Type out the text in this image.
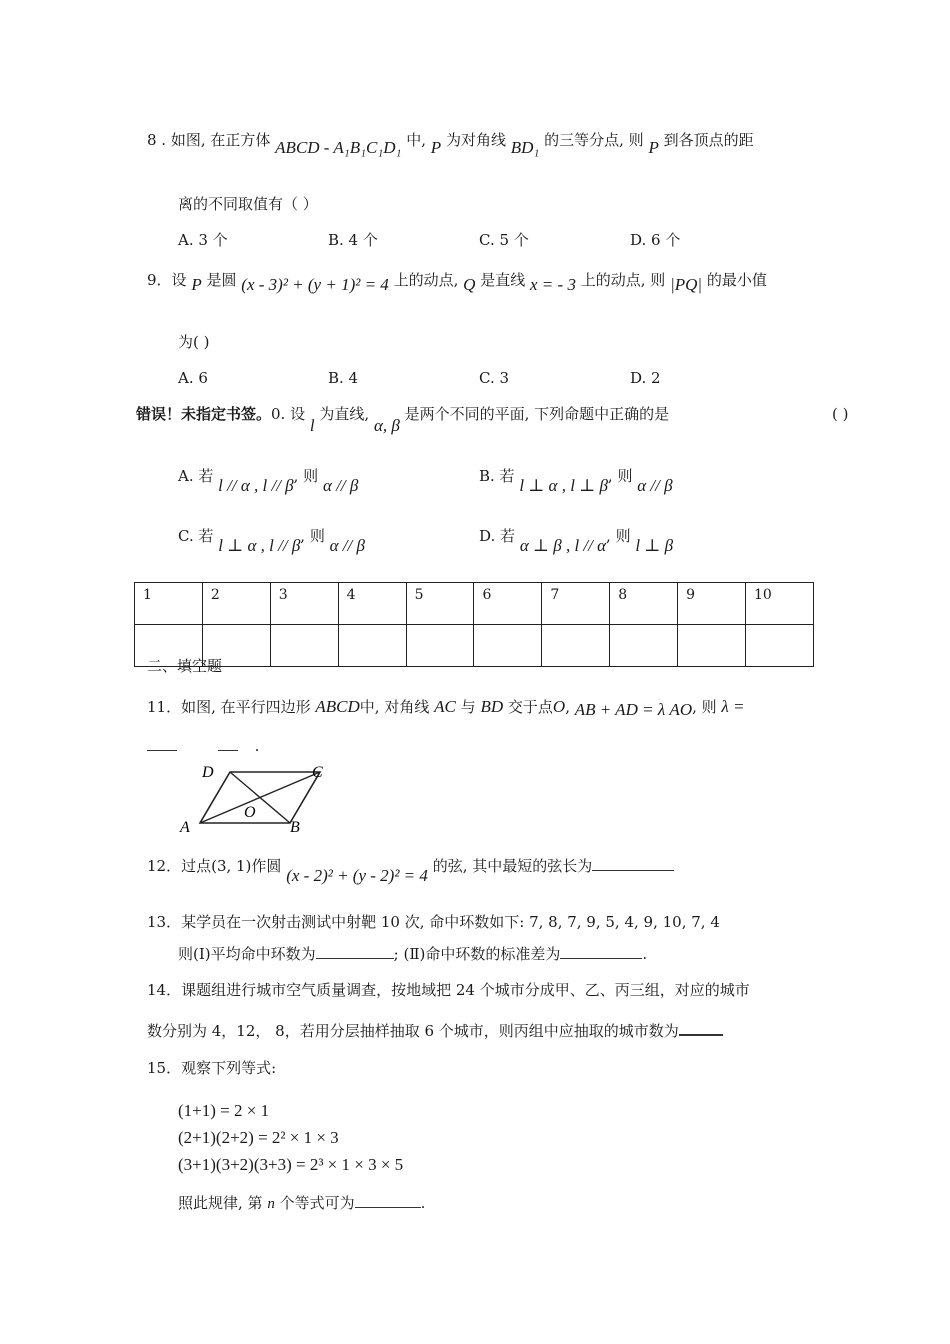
8 . 如图, 在正方体 ABCD - A₁B₁C₁D₁ 中, P 为对角线 BD₁ 的三等分点, 则 P 到各顶点的距
离的不同取值有（ ）
A. 3 个	B. 4 个	C. 5 个	D. 6 个
9．设 P 是圆 (x - 3)² + (y + 1)² = 4 上的动点, Q 是直线 x = - 3 上的动点, 则 |PQ| 的最小值
为( )
A. 6	B. 4	C. 3	D. 2
错误！未指定书签。0. 设 l 为直线, α, β 是两个不同的平面, 下列命题中正确的是	( )
A. 若 l // α , l // β, 则 α // β	B. 若 l ⊥ α , l ⊥ β, 则 α // β
C. 若 l ⊥ α , l // β, 则 α // β	D. 若 α ⊥ β , l // α, 则 l ⊥ β
1	2	3	4	5	6	7	8	9	10

二、填空题
11．如图, 在平行四边形 ABCD中, 对角线 AC 与 BD 交于点O, AB + AD = λ AO, 则 λ =
.
D	C
O
A	B
12．过点(3, 1)作圆 (x - 2)² + (y - 2)² = 4 的弦, 其中最短的弦长为
13．某学员在一次射击测试中射靶 10 次, 命中环数如下: 7, 8, 7, 9, 5, 4, 9, 10, 7, 4
则(Ⅰ)平均命中环数为	; (Ⅱ)命中环数的标准差为	.
14．课题组进行城市空气质量调查，按地域把 24 个城市分成甲、乙、丙三组，对应的城市
数分别为 4，12， 8，若用分层抽样抽取 6 个城市，则丙组中应抽取的城市数为
15．观察下列等式:
(1+1) = 2 × 1
(2+1)(2+2) = 2² × 1 × 3
(3+1)(3+2)(3+3) = 2³ × 1 × 3 × 5
照此规律, 第 n 个等式可为	.
